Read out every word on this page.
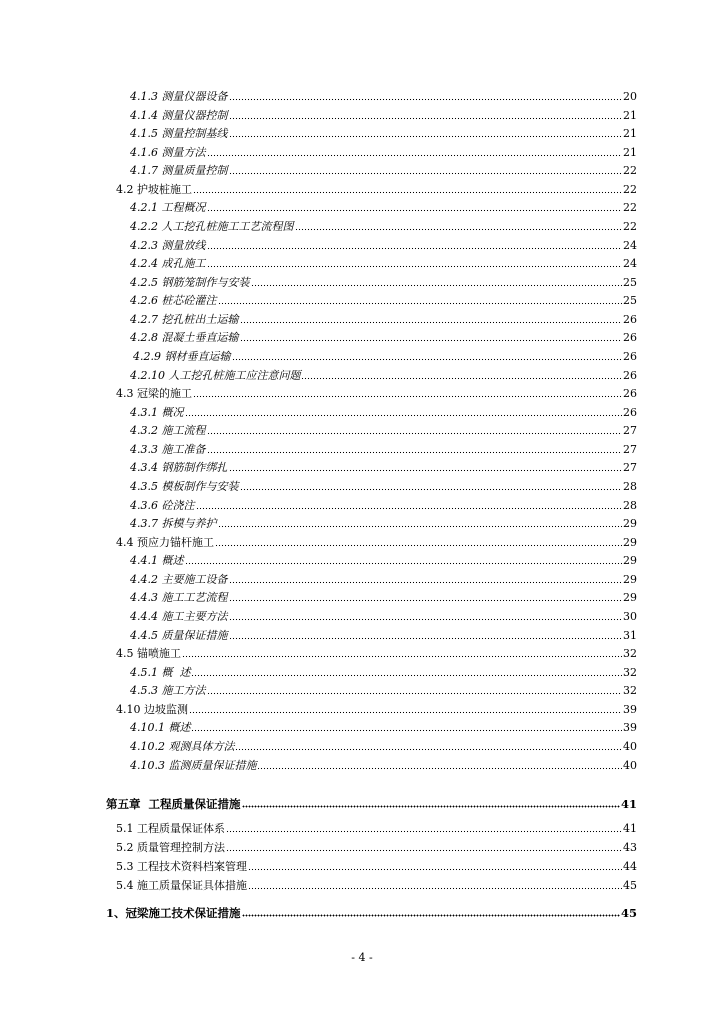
4.1.3 测量仪器设备	20
4.1.4 测量仪器控制	21
4.1.5 测量控制基线	21
4.1.6 测量方法	21
4.1.7 测量质量控制	22
4.2 护坡桩施工	22
4.2.1 工程概况	22
4.2.2 人工挖孔桩施工工艺流程图	22
4.2.3 测量放线	24
4.2.4 成孔施工	24
4.2.5 钢筋笼制作与安装	25
4.2.6 桩芯砼灌注	25
4.2.7 挖孔桩出土运输	26
4.2.8 混凝土垂直运输	26
4.2.9 钢材垂直运输	26
4.2.10 人工挖孔桩施工应注意问题	26
4.3 冠梁的施工	26
4.3.1 概况	26
4.3.2 施工流程	27
4.3.3 施工准备	27
4.3.4 钢筋制作绑扎	27
4.3.5 模板制作与安装	28
4.3.6 砼浇注	28
4.3.7 拆模与养护	29
4.4 预应力锚杆施工	29
4.4.1 概述	29
4.4.2 主要施工设备	29
4.4.3 施工工艺流程	29
4.4.4 施工主要方法	30
4.4.5 质量保证措施	31
4.5 锚喷施工	32
4.5.1 概  述	32
4.5.3 施工方法	32
4.10 边坡监测	39
4.10.1 概述	39
4.10.2 观测具体方法	40
4.10.3 监测质量保证措施	40
第五章  工程质量保证措施	41
5.1 工程质量保证体系	41
5.2 质量管理控制方法	43
5.3 工程技术资料档案管理	44
5.4 施工质量保证具体措施	45
1、冠梁施工技术保证措施	45
- 4 -
